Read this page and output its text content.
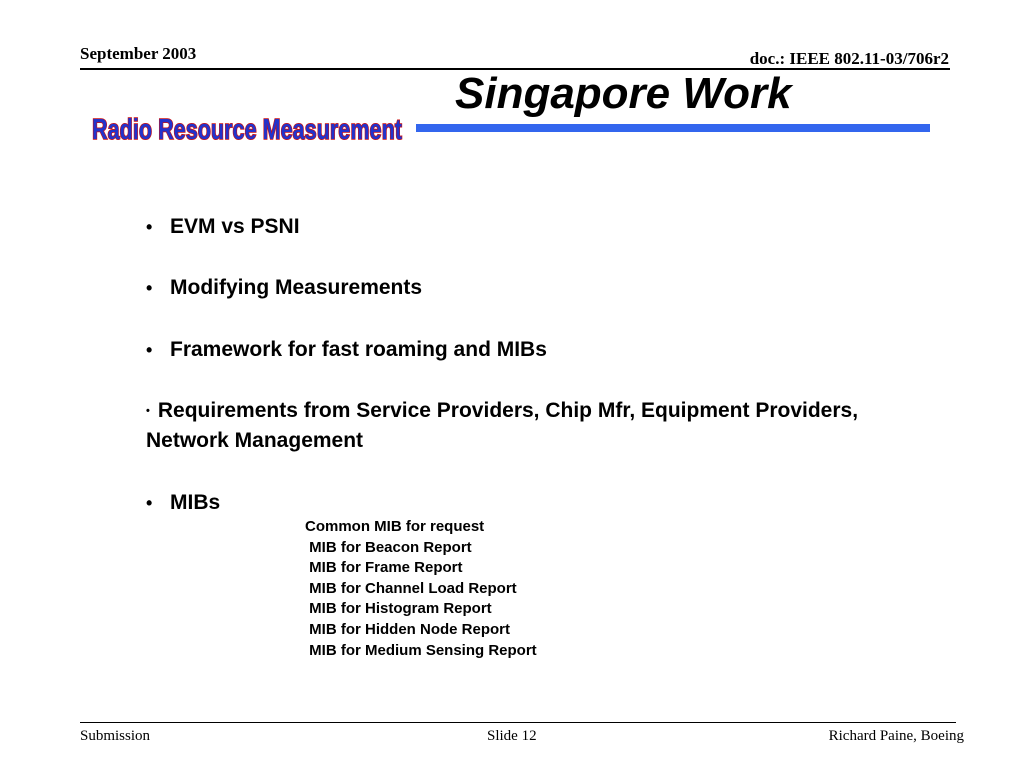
September 2003	doc.: IEEE 802.11-03/706r2
Singapore Work
Radio Resource Measurement
• EVM vs PSNI
• Modifying Measurements
• Framework for fast roaming and MIBs
• Requirements from Service Providers, Chip Mfr, Equipment Providers, Network Management
• MIBs
Common MIB for request
MIB for Beacon Report
MIB for Frame Report
MIB for Channel Load Report
MIB for Histogram Report
MIB for Hidden Node Report
MIB for Medium Sensing Report
Submission	Slide 12	Richard Paine, Boeing
